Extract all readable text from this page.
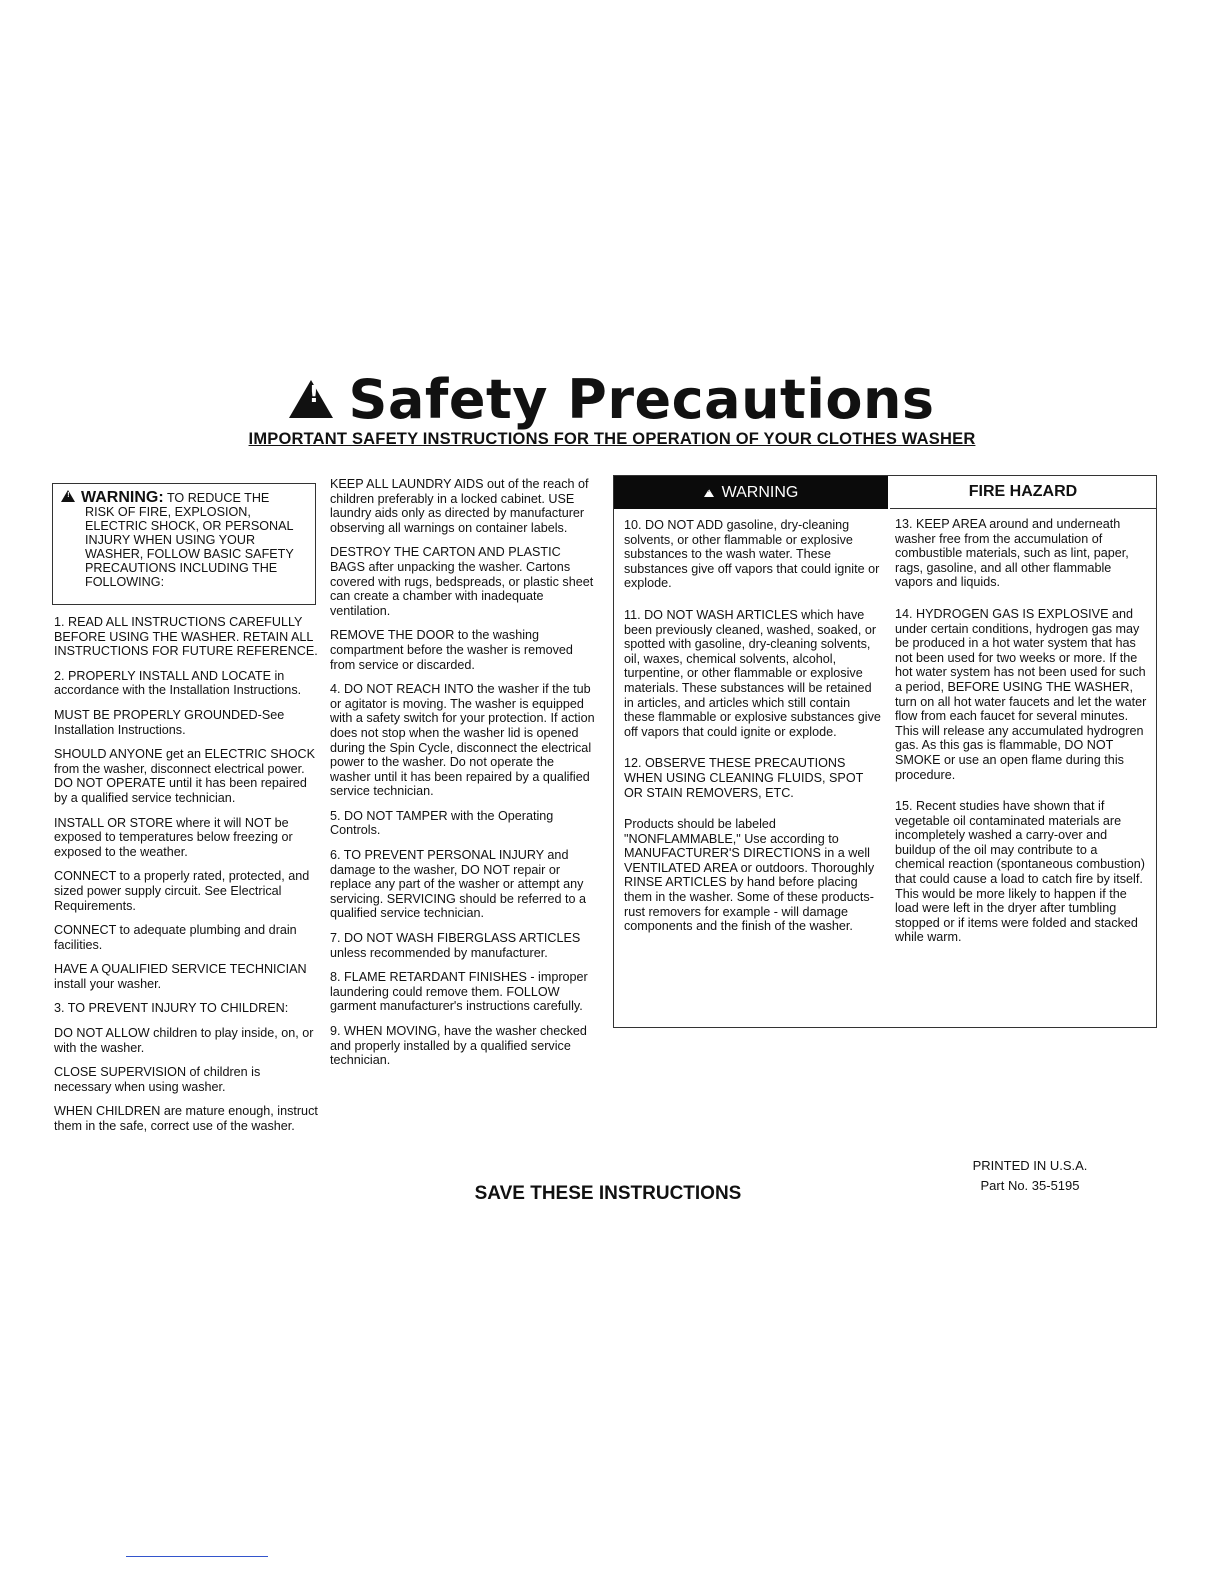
!Safety Precautions
IMPORTANT SAFETY INSTRUCTIONS FOR THE OPERATION OF YOUR CLOTHES WASHER
!WARNING: TO REDUCE THE
RISK OF FIRE, EXPLOSION, ELECTRIC SHOCK, OR PERSONAL INJURY WHEN USING YOUR WASHER, FOLLOW BASIC SAFETY PRECAUTIONS INCLUDING THE FOLLOWING:

1. READ ALL INSTRUCTIONS CAREFULLY BEFORE USING THE WASHER. RETAIN ALL INSTRUCTIONS FOR FUTURE REFERENCE.

2. PROPERLY INSTALL AND LOCATE in accordance with the Installation Instructions.

MUST BE PROPERLY GROUNDED-See Installation Instructions.

SHOULD ANYONE get an ELECTRIC SHOCK from the washer, disconnect electrical power. DO NOT OPERATE until it has been repaired by a qualified service technician.

INSTALL OR STORE where it will NOT be exposed to temperatures below freezing or exposed to the weather.

CONNECT to a properly rated, protected, and sized power supply circuit. See Electrical Requirements.

CONNECT to adequate plumbing and drain facilities.

HAVE A QUALIFIED SERVICE TECHNICIAN install your washer.

3. TO PREVENT INJURY TO CHILDREN:

DO NOT ALLOW children to play inside, on, or with the washer.

CLOSE SUPERVISION of children is necessary when using washer.

WHEN CHILDREN are mature enough, instruct them in the safe, correct use of the washer.

KEEP ALL LAUNDRY AIDS out of the reach of children preferably in a locked cabinet. USE laundry aids only as directed by manufacturer observing all warnings on container labels.

DESTROY THE CARTON AND PLASTIC BAGS after unpacking the washer. Cartons covered with rugs, bedspreads, or plastic sheet can create a chamber with inadequate ventilation.

REMOVE THE DOOR to the washing compartment before the washer is removed from service or discarded.

4. DO NOT REACH INTO the washer if the tub or agitator is moving. The washer is equipped with a safety switch for your protection. If action does not stop when the washer lid is opened during the Spin Cycle, disconnect the electrical power to the washer. Do not operate the washer until it has been repaired by a qualified service technician.

5. DO NOT TAMPER with the Operating Controls.

6. TO PREVENT PERSONAL INJURY and damage to the washer, DO NOT repair or replace any part of the washer or attempt any servicing. SERVICING should be referred to a qualified service technician.

7. DO NOT WASH FIBERGLASS ARTICLES unless recommended by manufacturer.

8. FLAME RETARDANT FINISHES - improper laundering could remove them. FOLLOW garment manufacturer's instructions carefully.

9. WHEN MOVING, have the washer checked and properly installed by a qualified service technician.

!
WARNING	FIRE HAZARD

10. DO NOT ADD gasoline, dry-cleaning solvents, or other flammable or explosive substances to the wash water. These substances give off vapors that could ignite or explode.

11. DO NOT WASH ARTICLES which have been previously cleaned, washed, soaked, or spotted with gasoline, dry-cleaning solvents, oil, waxes, chemical solvents, alcohol, turpentine, or other flammable or explosive materials. These substances will be retained in articles, and articles which still contain these flammable or explosive substances give off vapors that could ignite or explode.

12. OBSERVE THESE PRECAUTIONS WHEN USING CLEANING FLUIDS, SPOT OR STAIN REMOVERS, ETC.

Products should be labeled "NONFLAMMABLE," Use according to MANUFACTURER'S DIRECTIONS in a well VENTILATED AREA or outdoors. Thoroughly RINSE ARTICLES by hand before placing them in the washer. Some of these products-rust removers for example - will damage components and the finish of the washer.

13. KEEP AREA around and underneath washer free from the accumulation of combustible materials, such as lint, paper, rags, gasoline, and all other flammable vapors and liquids.

14. HYDROGEN GAS IS EXPLOSIVE and under certain conditions, hydrogen gas may be produced in a hot water system that has not been used for two weeks or more. If the hot water system has not been used for such a period, BEFORE USING THE WASHER, turn on all hot water faucets and let the water flow from each faucet for several minutes. This will release any accumulated hydrogren gas. As this gas is flammable, DO NOT SMOKE or use an open flame during this procedure.

15. Recent studies have shown that if vegetable oil contaminated materials are incompletely washed a carry-over and buildup of the oil may contribute to a chemical reaction (spontaneous combustion) that could cause a load to catch fire by itself. This would be more likely to happen if the load were left in the dryer after tumbling stopped or if items were folded and stacked while warm.

SAVE THESE INSTRUCTIONS
PRINTED IN U.S.A.
Part No. 35-5195
